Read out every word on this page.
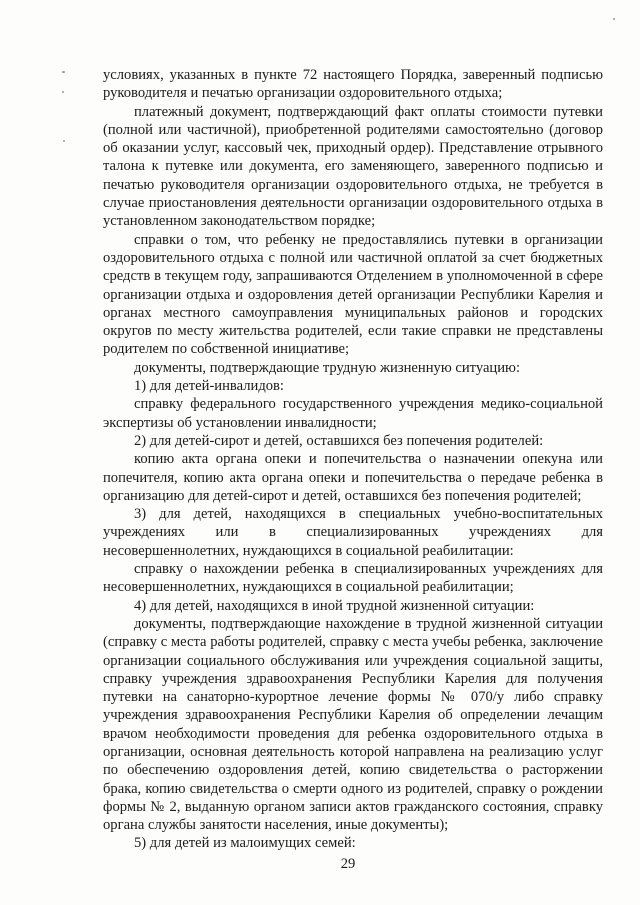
условиях, указанных в пункте 72 настоящего Порядка, заверенный подписью руководителя и печатью организации оздоровительного отдыха;

платежный документ, подтверждающий факт оплаты стоимости путевки (полной или частичной), приобретенной родителями самостоятельно (договор об оказании услуг, кассовый чек, приходный ордер). Представление отрывного талона к путевке или документа, его заменяющего, заверенного подписью и печатью руководителя организации оздоровительного отдыха, не требуется в случае приостановления деятельности организации оздоровительного отдыха в установленном законодательством порядке;

справки о том, что ребенку не предоставлялись путевки в организации оздоровительного отдыха с полной или частичной оплатой за счет бюджетных средств в текущем году, запрашиваются Отделением в уполномоченной в сфере организации отдыха и оздоровления детей организации Республики Карелия и органах местного самоуправления муниципальных районов и городских округов по месту жительства родителей, если такие справки не представлены родителем по собственной инициативе;

документы, подтверждающие трудную жизненную ситуацию:

1) для детей-инвалидов:

справку федерального государственного учреждения медико-социальной экспертизы об установлении инвалидности;

2) для детей-сирот и детей, оставшихся без попечения родителей:

копию акта органа опеки и попечительства о назначении опекуна или попечителя, копию акта органа опеки и попечительства о передаче ребенка в организацию для детей-сирот и детей, оставшихся без попечения родителей;

3) для детей, находящихся в специальных учебно-воспитательных учреждениях или в специализированных учреждениях для несовершеннолетних, нуждающихся в социальной реабилитации:

справку о нахождении ребенка в специализированных учреждениях для несовершеннолетних, нуждающихся в социальной реабилитации;

4) для детей, находящихся в иной трудной жизненной ситуации:

документы, подтверждающие нахождение в трудной жизненной ситуации (справку с места работы родителей, справку с места учебы ребенка, заключение организации социального обслуживания или учреждения социальной защиты, справку учреждения здравоохранения Республики Карелия для получения путевки на санаторно-курортное лечение формы № 070/у либо справку учреждения здравоохранения Республики Карелия об определении лечащим врачом необходимости проведения для ребенка оздоровительного отдыха в организации, основная деятельность которой направлена на реализацию услуг по обеспечению оздоровления детей, копию свидетельства о расторжении брака, копию свидетельства о смерти одного из родителей, справку о рождении формы № 2, выданную органом записи актов гражданского состояния, справку органа службы занятости населения, иные документы);

5) для детей из малоимущих семей:

29
